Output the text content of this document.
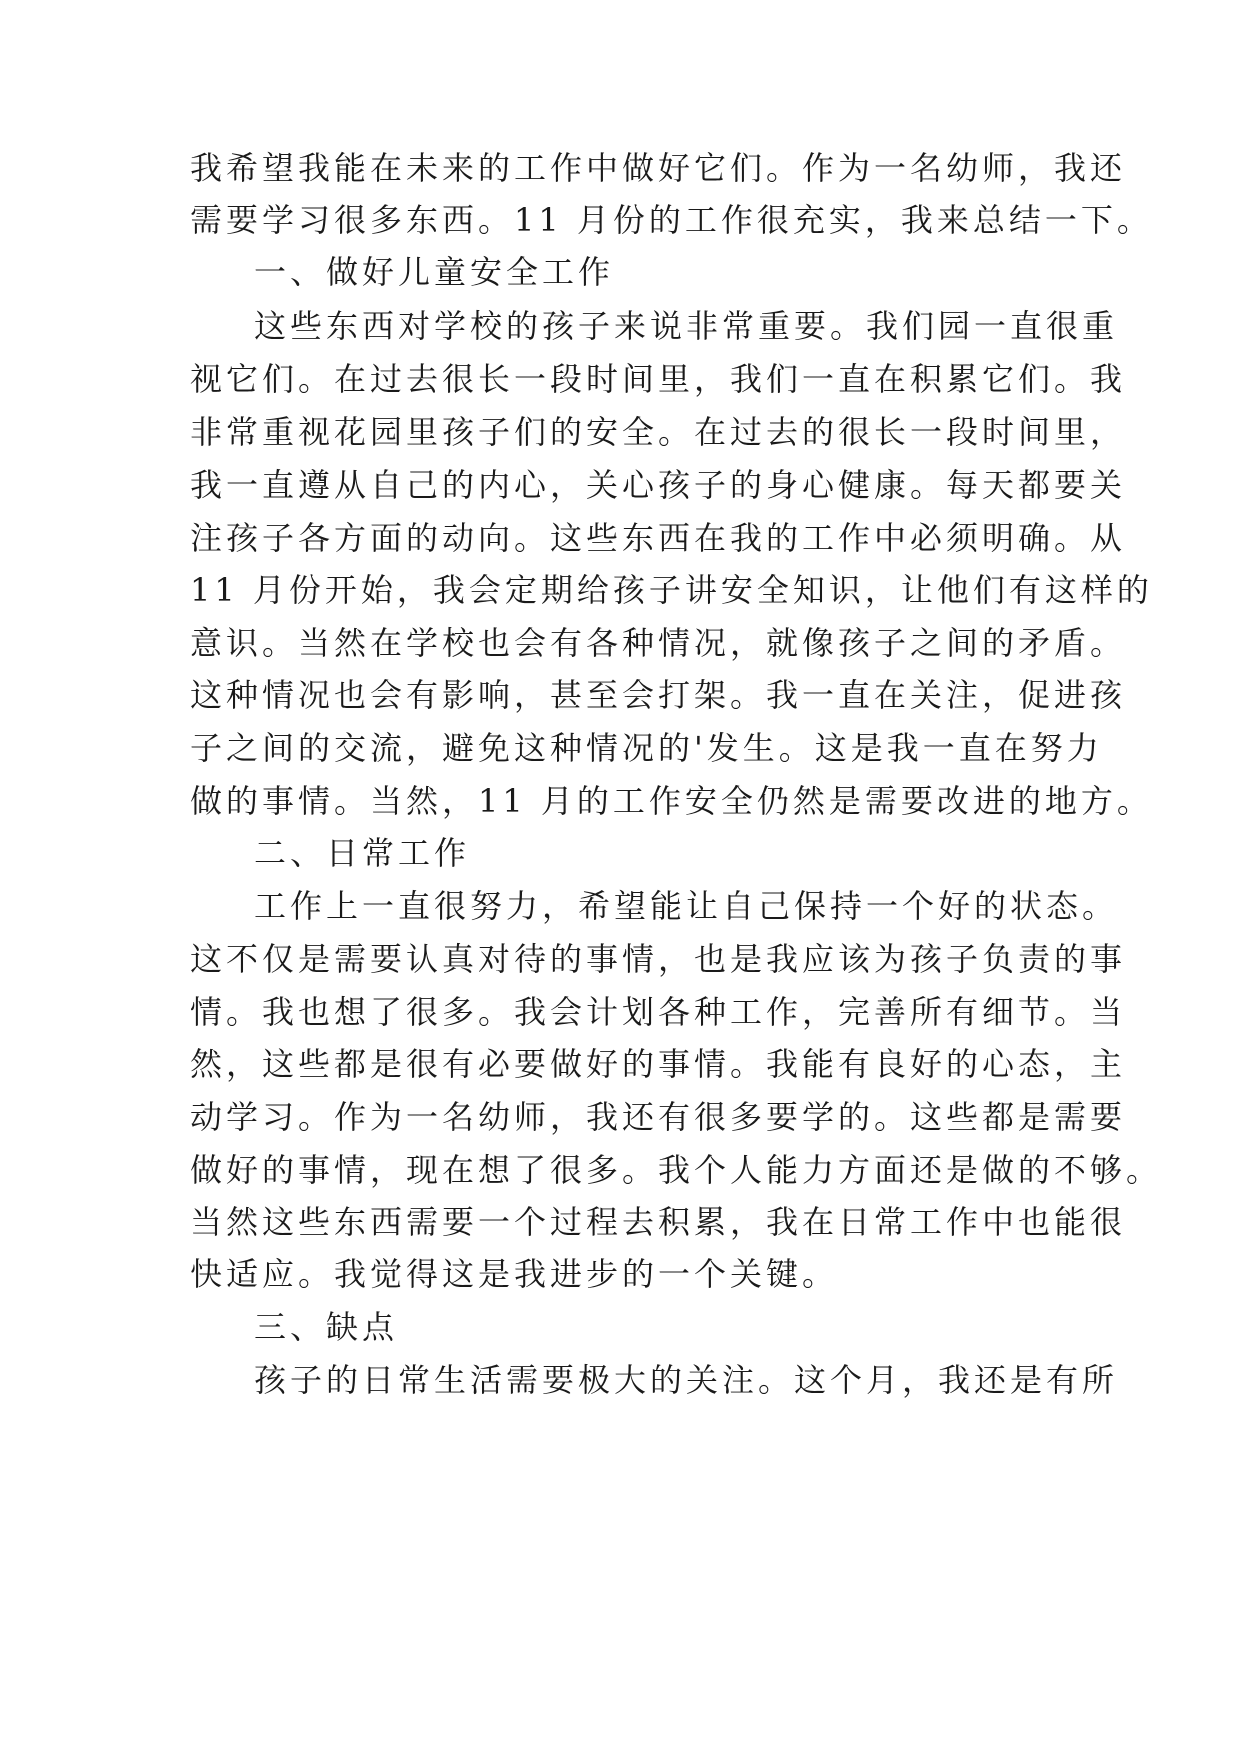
我希望我能在未来的工作中做好它们。作为一名幼师，我还
需要学习很多东西。11 月份的工作很充实，我来总结一下。
一、做好儿童安全工作
这些东西对学校的孩子来说非常重要。我们园一直很重
视它们。在过去很长一段时间里，我们一直在积累它们。我
非常重视花园里孩子们的安全。在过去的很长一段时间里，
我一直遵从自己的内心，关心孩子的身心健康。每天都要关
注孩子各方面的动向。这些东西在我的工作中必须明确。从
11 月份开始，我会定期给孩子讲安全知识，让他们有这样的
意识。当然在学校也会有各种情况，就像孩子之间的矛盾。
这种情况也会有影响，甚至会打架。我一直在关注，促进孩
子之间的交流，避免这种情况的'发生。这是我一直在努力
做的事情。当然，11 月的工作安全仍然是需要改进的地方。
二、日常工作
工作上一直很努力，希望能让自己保持一个好的状态。
这不仅是需要认真对待的事情，也是我应该为孩子负责的事
情。我也想了很多。我会计划各种工作，完善所有细节。当
然，这些都是很有必要做好的事情。我能有良好的心态，主
动学习。作为一名幼师，我还有很多要学的。这些都是需要
做好的事情，现在想了很多。我个人能力方面还是做的不够。
当然这些东西需要一个过程去积累，我在日常工作中也能很
快适应。我觉得这是我进步的一个关键。
三、缺点
孩子的日常生活需要极大的关注。这个月，我还是有所
